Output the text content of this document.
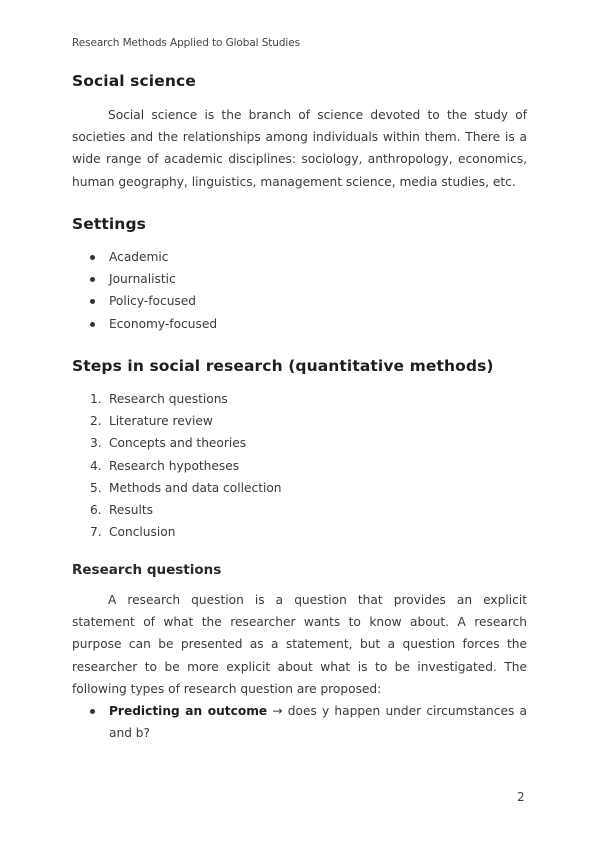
Research Methods Applied to Global Studies
Social science

Social science is the branch of science devoted to the study of societies and the relationships among individuals within them. There is a wide range of academic disciplines: sociology, anthropology, economics, human geography, linguistics, management science, media studies, etc.

Settings
Academic
Journalistic
Policy-focused
Economy-focused
Steps in social research (quantitative methods)
1. Research questions
2. Literature review
3. Concepts and theories
4. Research hypotheses
5. Methods and data collection
6. Results
7. Conclusion
Research questions

A research question is a question that provides an explicit statement of what the researcher wants to know about. A research purpose can be presented as a statement, but a question forces the researcher to be more explicit about what is to be investigated. The following types of research question are proposed:

Predicting an outcome → does y happen under circumstances a and b?
2
